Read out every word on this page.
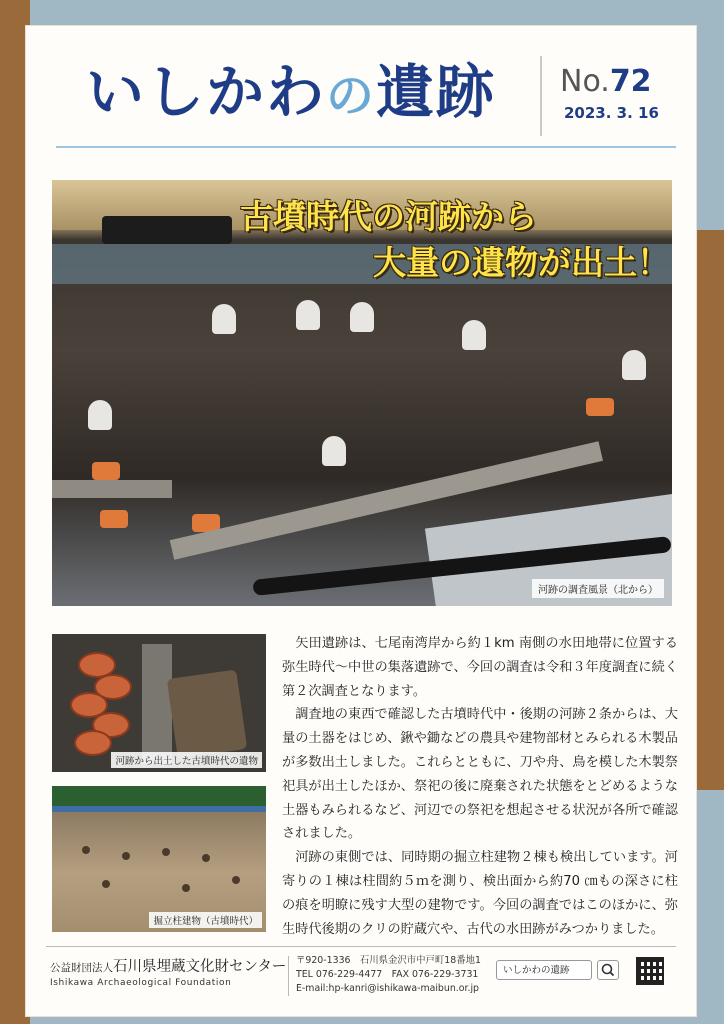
いしかわの遺跡 No.72
2023. 3. 16
古墳時代の河跡から
大量の遺物が出土！
河跡の調査風景（北から）
河跡から出土した古墳時代の遺物
掘立柱建物（古墳時代）

矢田遺跡は、七尾南湾岸から約１km 南側の水田地帯に位置する弥生時代～中世の集落遺跡で、今回の調査は令和３年度調査に続く第２次調査となります。

調査地の東西で確認した古墳時代中・後期の河跡２条からは、大量の土器をはじめ、鍬や鋤などの農具や建物部材とみられる木製品が多数出土しました。これらとともに、刀や舟、鳥を模した木製祭祀具が出土したほか、祭祀の後に廃棄された状態をとどめるような土器もみられるなど、河辺での祭祀を想起させる状況が各所で確認されました。

河跡の東側では、同時期の掘立柱建物２棟も検出しています。河寄りの１棟は柱間約５ｍを測り、検出面から約70 ㎝もの深さに柱の痕を明瞭に残す大型の建物です。今回の調査ではこのほかに、弥生時代後期のクリの貯蔵穴や、古代の水田跡がみつかりました。

公益財団法人 石川県埋蔵文化財センター
Ishikawa Archaeological Foundation
〒920-1336　石川県金沢市中戸町18番地1
TEL 076-229-4477　FAX 076-229-3731
E-mail:hp-kanri@ishikawa-maibun.or.jp
いしかわの遺跡
